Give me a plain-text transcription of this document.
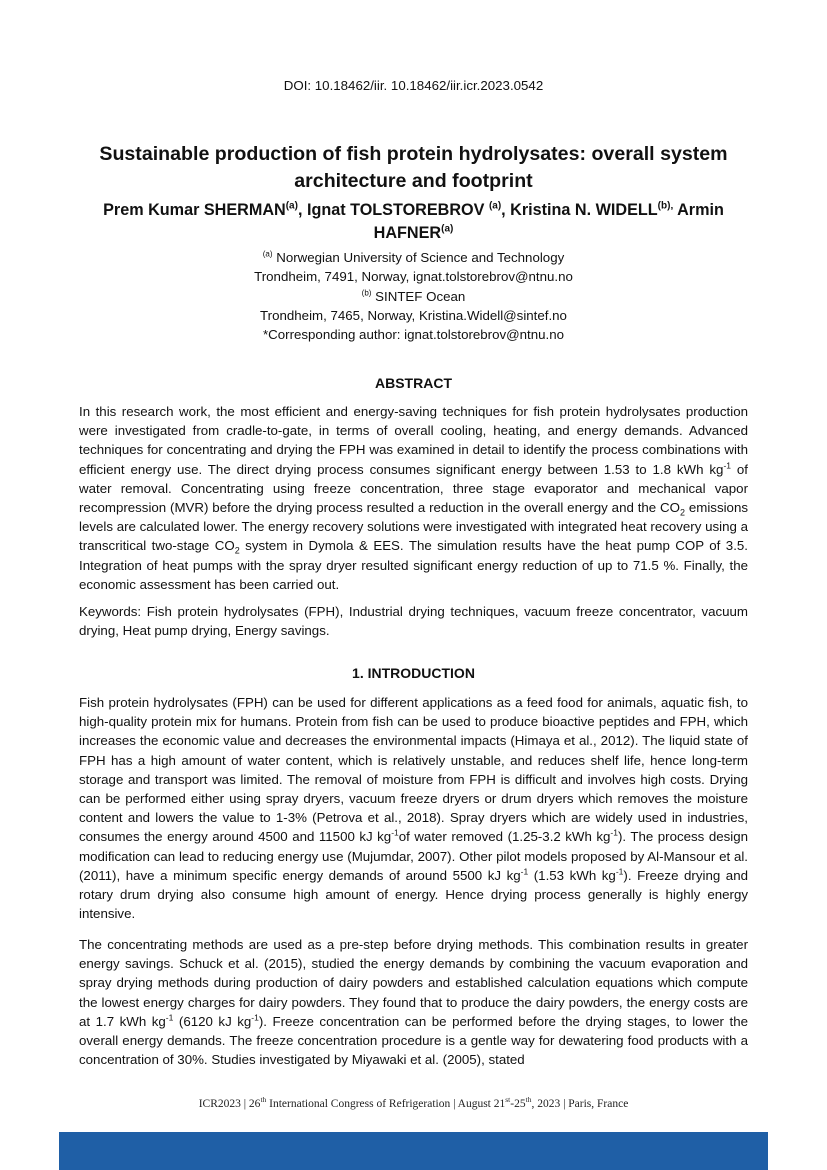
DOI: 10.18462/iir. 10.18462/iir.icr.2023.0542
Sustainable production of fish protein hydrolysates: overall system architecture and footprint
Prem Kumar SHERMAN$^{(a)}$, Ignat TOLSTOREBROV $^{(a)}$, Kristina N. $WIDELL^{(b),}$ Armin HAFNER$^{(a)}$
$^{(a)}$ Norwegian University of Science and Technology
Trondheim, 7491, Norway, ignat.tolstorebrov@ntnu.no
$^{(b)}$ SINTEF Ocean
Trondheim, 7465, Norway, Kristina.Widell@sintef.no
*Corresponding author: ignat.tolstorebrov@ntnu.no
ABSTRACT
In this research work, the most efficient and energy-saving techniques for fish protein hydrolysates production were investigated from cradle-to-gate, in terms of overall cooling, heating, and energy demands. Advanced techniques for concentrating and drying the FPH was examined in detail to identify the process combinations with efficient energy use. The direct drying process consumes significant energy between 1.53 to 1.8 kWh $kg^{-1}$ of water removal. Concentrating using freeze concentration, three stage evaporator and mechanical vapor recompression (MVR) before the drying process resulted a reduction in the overall energy and the $CO_2$ emissions levels are calculated lower. The energy recovery solutions were investigated with integrated heat recovery using a transcritical two-stage $CO_2$ system in Dymola & EES. The simulation results have the heat pump COP of 3.5. Integration of heat pumps with the spray dryer resulted significant energy reduction of up to 71.5 %. Finally, the economic assessment has been carried out.
Keywords: Fish protein hydrolysates (FPH), Industrial drying techniques, vacuum freeze concentrator, vacuum drying, Heat pump drying, Energy savings.
1. INTRODUCTION
Fish protein hydrolysates (FPH) can be used for different applications as a feed food for animals, aquatic fish, to high-quality protein mix for humans. Protein from fish can be used to produce bioactive peptides and FPH, which increases the economic value and decreases the environmental impacts (Himaya et al., 2012). The liquid state of FPH has a high amount of water content, which is relatively unstable, and reduces shelf life, hence long-term storage and transport was limited. The removal of moisture from FPH is difficult and involves high costs. Drying can be performed either using spray dryers, vacuum freeze dryers or drum dryers which removes the moisture content and lowers the value to 1-3% (Petrova et al., 2018). Spray dryers which are widely used in industries, consumes the energy around 4500 and 11500 kJ $kg^{-1}of$ water removed (1.25-3.2 kWh $kg^{-1}$). The process design modification can lead to reducing energy use (Mujumdar, 2007). Other pilot models proposed by Al-Mansour et al. (2011), have a minimum specific energy demands of around 5500 kJ $kg^{-1}$ (1.53 kWh $kg^{-1}$). Freeze drying and rotary drum drying also consume high amount of energy. Hence drying process generally is highly energy intensive.
The concentrating methods are used as a pre-step before drying methods. This combination results in greater energy savings. Schuck et al. (2015), studied the energy demands by combining the vacuum evaporation and spray drying methods during production of dairy powders and established calculation equations which compute the lowest energy charges for dairy powders. They found that to produce the dairy powders, the energy costs are at 1.7 kWh $kg^{-1}$ (6120 kJ $kg^{-1}$). Freeze concentration can be performed before the drying stages, to lower the overall energy demands. The freeze concentration procedure is a gentle way for dewatering food products with a concentration of 30%. Studies investigated by Miyawaki et al. (2005), stated
ICR2023 | 26th International Congress of Refrigeration | August 21st-25th, 2023 | Paris, France
